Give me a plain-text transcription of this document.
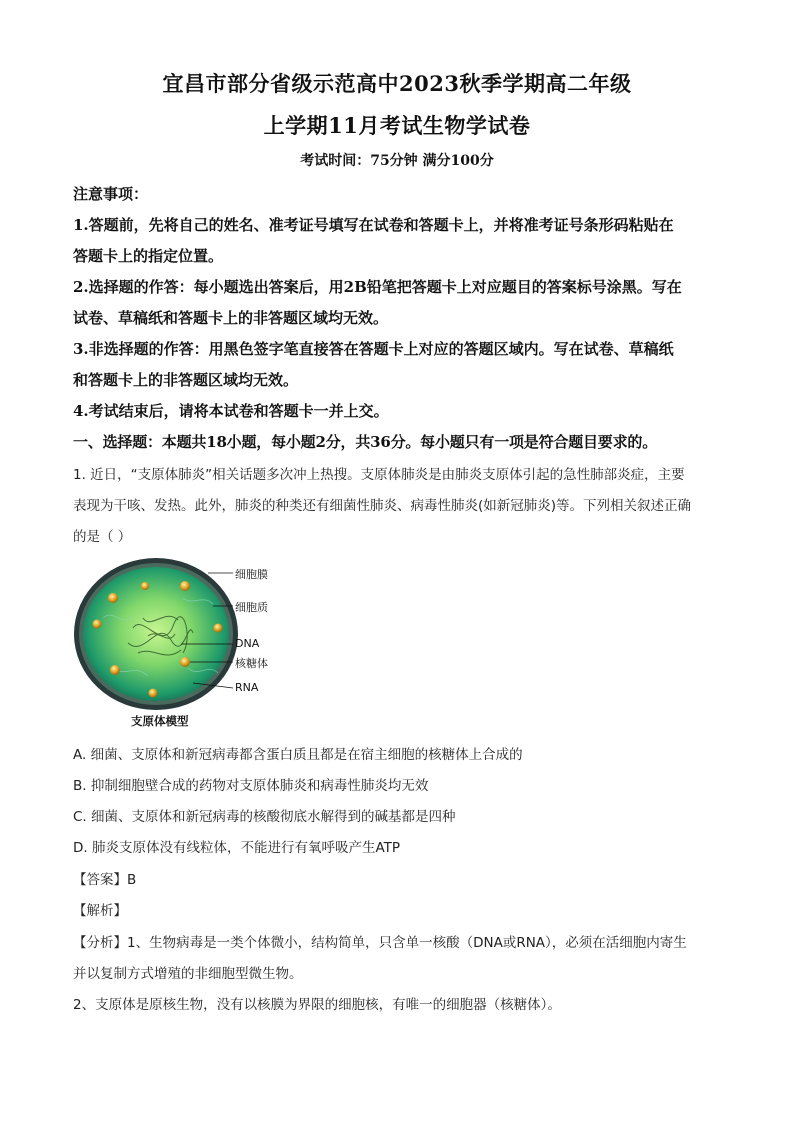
宜昌市部分省级示范高中2023秋季学期高二年级
上学期11月考试生物学试卷
考试时间：75分钟 满分100分
注意事项：
1.答题前，先将自己的姓名、准考证号填写在试卷和答题卡上，并将准考证号条形码粘贴在
答题卡上的指定位置。
2.选择题的作答：每小题选出答案后，用2B铅笔把答题卡上对应题目的答案标号涂黑。写在
试卷、草稿纸和答题卡上的非答题区域均无效。
3.非选择题的作答：用黑色签字笔直接答在答题卡上对应的答题区域内。写在试卷、草稿纸
和答题卡上的非答题区域均无效。
4.考试结束后，请将本试卷和答题卡一并上交。
一、选择题：本题共18小题，每小题2分，共36分。每小题只有一项是符合题目要求的。
1. 近日，“支原体肺炎”相关话题多次冲上热搜。支原体肺炎是由肺炎支原体引起的急性肺部炎症，主要
表现为干咳、发热。此外，肺炎的种类还有细菌性肺炎、病毒性肺炎(如新冠肺炎)等。下列相关叙述正确
的是（ ）
细胞膜
细胞质
DNA
核糖体
RNA
支原体模型
A. 细菌、支原体和新冠病毒都含蛋白质且都是在宿主细胞的核糖体上合成的
B. 抑制细胞壁合成的药物对支原体肺炎和病毒性肺炎均无效
C. 细菌、支原体和新冠病毒的核酸彻底水解得到的碱基都是四种
D. 肺炎支原体没有线粒体，不能进行有氧呼吸产生ATP
【答案】B
【解析】
【分析】1、生物病毒是一类个体微小，结构简单，只含单一核酸（DNA或RNA），必须在活细胞内寄生
并以复制方式增殖的非细胞型微生物。
2、支原体是原核生物，没有以核膜为界限的细胞核，有唯一的细胞器（核糖体）。
